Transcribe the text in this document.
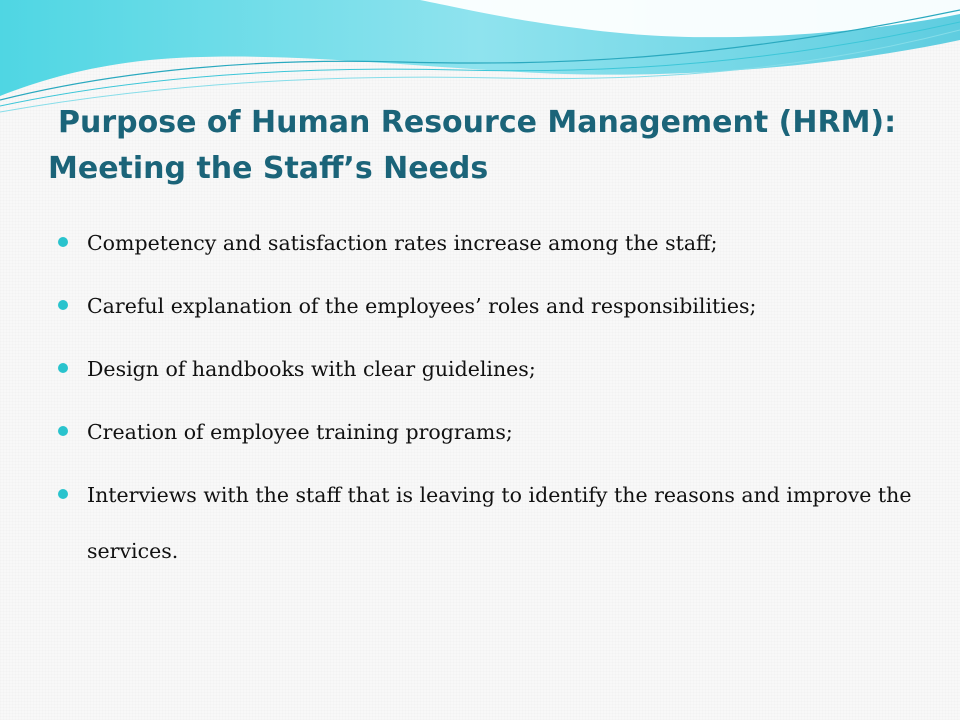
Purpose of Human Resource Management (HRM):
Meeting the Staff’s Needs
Competency and satisfaction rates increase among the staff;
Careful explanation of the employees’ roles and responsibilities;
Design of handbooks with clear guidelines;
Creation of employee training programs;
Interviews with the staff that is leaving to identify the reasons and improve the services.
